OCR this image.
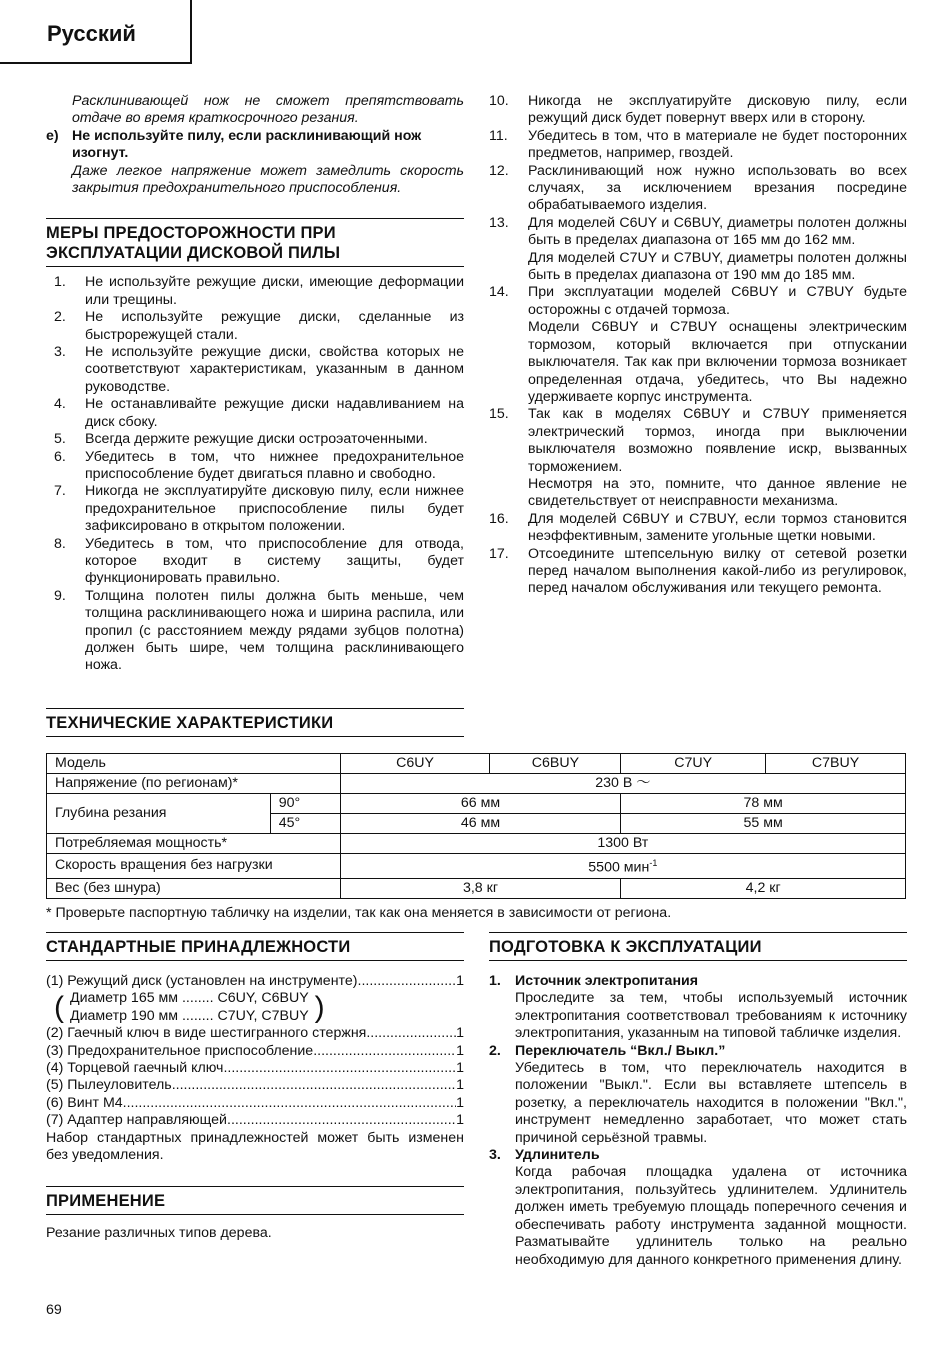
Русский

Расклинивающей нож не сможет препятствовать отдаче во время краткосрочного резания.

e) Не используйте пилу, если расклинивающий нож изогнут.

Даже легкое напряжение может замедлить скорость закрытия предохранительного приспособления.

МЕРЫ ПРЕДОСТОРОЖНОСТИ ПРИ
ЭКСПЛУАТАЦИИ ДИСКОВОЙ ПИЛЫ
1.	Не используйте режущие диски, имеющие деформации или трещины.
2.	Не используйте режущие диски, сделанные из быстрорежущей стали.
3.	Не используйте режущие диски, свойства которых не соответствуют характеристикам, указанным в данном руководстве.
4.	Не останавливайте режущие диски надавливанием на диск сбоку.
5.	Всегда держите режущие диски остроэаточенными.
6.	Убедитесь в том, что нижнее предохранительное приспособление будет двигаться плавно и свободно.
7.	Никогда не эксплуатируйте дисковую пилу, если нижнее предохранительное приспособление пилы будет зафиксировано в открытом положении.
8.	Убедитесь в том, что приспособление для отвода, которое входит в систему защиты, будет функционировать правильно.
9.	Толщина полотен пилы должна быть меньше, чем толщина расклинивающего ножа и ширина распила, или пропил (с расстоянием между рядами зубцов полотна) должен быть шире, чем толщина расклинивающего ножа.
10.	Никогда не эксплуатируйте дисковую пилу, если режущий диск будет повернут вверх или в сторону.
11.	Убедитесь в том, что в материале не будет посторонних предметов, например, гвоздей.
12.	Расклинивающий нож нужно использовать во всех случаях, за исключением врезания посредине обрабатываемого изделия.
13.	Для моделей C6UY и C6BUY, диаметры полотен должны быть в пределах диапазона от 165 мм до 162 мм.
Для моделей C7UY и C7BUY, диаметры полотен должны быть в пределах диапазона от 190 мм до 185 мм.
14.	При эксплуатации моделей C6BUY и C7BUY будьте осторожны с отдачей тормоза.
Модели C6BUY и C7BUY оснащены электрическим тормозом, который включается при отпускании выключателя. Так как при включении тормоза возникает определенная отдача, убедитесь, что Вы надежно удерживаете корпус инструмента.
15.	Так как в моделях C6BUY и C7BUY применяется электрический тормоз, иногда при выключении выключателя возможно появление искр, вызванных торможением.
Несмотря на это, помните, что данное явление не свидетельствует от неисправности механизма.
16.	Для моделей C6BUY и C7BUY, если тормоз становится неэффективным, замените угольные щетки новыми.
17.	Отсоедините штепсельную вилку от сетевой розетки перед началом выполнения какой-либо из регулировок, перед началом обслуживания или текущего ремонта.
ТЕХНИЧЕСКИЕ ХАРАКТЕРИСТИКИ
Модель		C6UY	C6BUY	C7UY	C7BUY
Напряжение (по регионам)*		230 В ～			
Глубина резания	90°	66 мм		78 мм	
	45°	46 мм		55 мм	
Потребляемая мощность*		1300 Вт			
Скорость вращения без нагрузки		5500 мин$^{-1}$
Вес (без шнура)		3,8 кг		4,2 кг	
* Проверьте паспортную табличку на изделии, так как она меняется в зависимости от региона.
СТАНДАРТНЫЕ ПРИНАДЛЕЖНОСТИ
(1) Режущий диск (установлен на инструменте) .....	1
( Диаметр 165 мм ........ C6UY, C6BUY
Диаметр 190 мм ........ C7UY, C7BUY )
(2) Гаечный ключ в виде шестигранного стержня .....	1
(3) Предохранительное приспособление .....	1
(4) Торцевой гаечный ключ .....	1
(5) Пылеуловитель .....	1
(6) Винт М4 .....	1
(7) Адаптер направляющей .....	1

Набор стандартных принадлежностей может быть изменен без уведомления.

ПРИМЕНЕНИЕ

Резание различных типов дерева.

ПОДГОТОВКА К ЭКСПЛУАТАЦИИ
1. Источник электропитания
Проследите за тем, чтобы используемый источник электропитания соответствовал требованиям к источнику электропитания, указанным на типовой табличке изделия.
2. Переключатель “Вкл./ Выкл.”
Убедитесь в том, что переключатель находится в положении "Выкл.". Если вы вставляете штепсель в розетку, а переключатель находится в положении "Вкл.", инструмент немедленно заработает, что может стать причиной серьёзной травмы.
3. Удлинитель
Когда рабочая площадка удалена от источника электропитания, пользуйтесь удлинителем. Удлинитель должен иметь требуемую площадь поперечного сечения и обеспечивать работу инструмента заданной мощности. Разматывайте удлинитель только на реально необходимую для данного конкретного применения длину.
69
